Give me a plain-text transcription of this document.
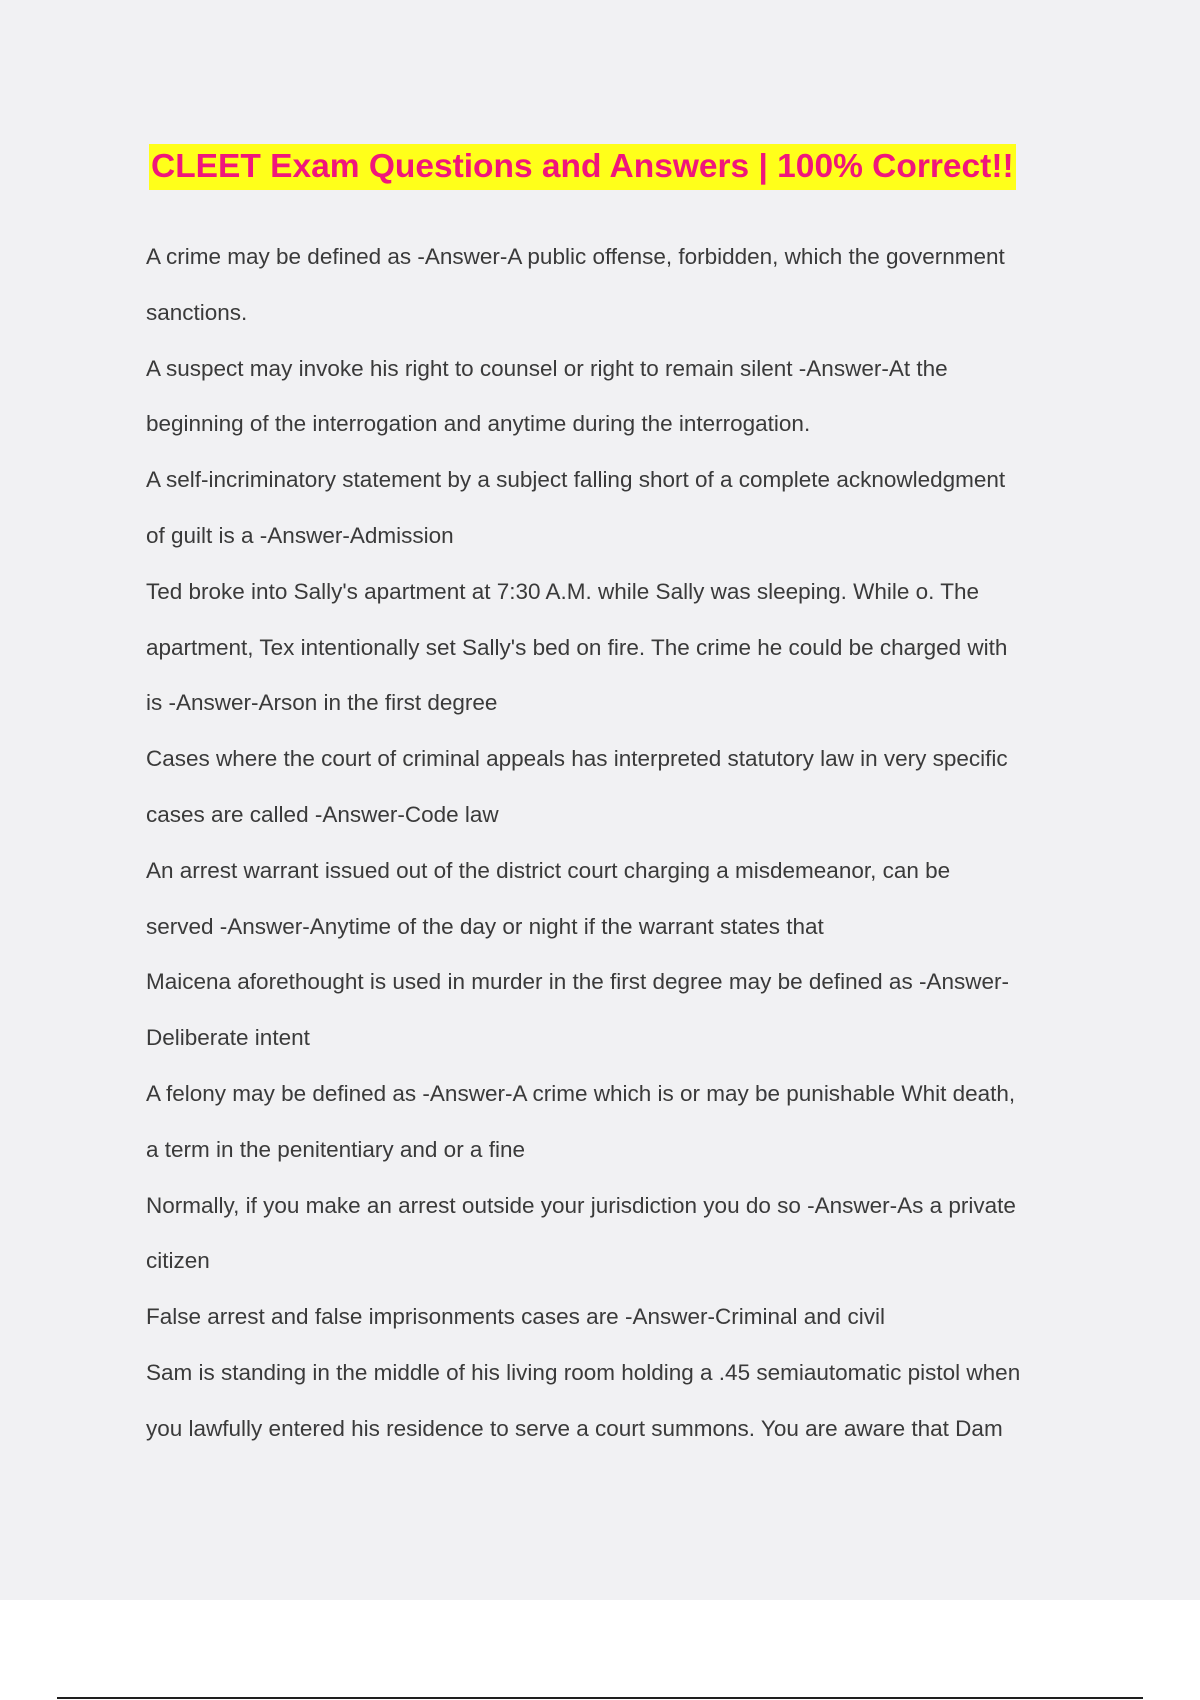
CLEET Exam Questions and Answers | 100% Correct!!
A crime may be defined as -Answer-A public offense, forbidden, which the government
sanctions.
A suspect may invoke his right to counsel or right to remain silent -Answer-At the
beginning of the interrogation and anytime during the interrogation.
A self-incriminatory statement by a subject falling short of a complete acknowledgment
of guilt is a -Answer-Admission
Ted broke into Sally's apartment at 7:30 A.M. while Sally was sleeping. While o. The
apartment, Tex intentionally set Sally's bed on fire. The crime he could be charged with
is -Answer-Arson in the first degree
Cases where the court of criminal appeals has interpreted statutory law in very specific
cases are called -Answer-Code law
An arrest warrant issued out of the district court charging a misdemeanor, can be
served -Answer-Anytime of the day or night if the warrant states that
Maicena aforethought is used in murder in the first degree may be defined as -Answer-
Deliberate intent
A felony may be defined as -Answer-A crime which is or may be punishable Whit death,
a term in the penitentiary and or a fine
Normally, if you make an arrest outside your jurisdiction you do so -Answer-As a private
citizen
False arrest and false imprisonments cases are -Answer-Criminal and civil
Sam is standing in the middle of his living room holding a .45 semiautomatic pistol when
you lawfully entered his residence to serve a court summons. You are aware that Dam
